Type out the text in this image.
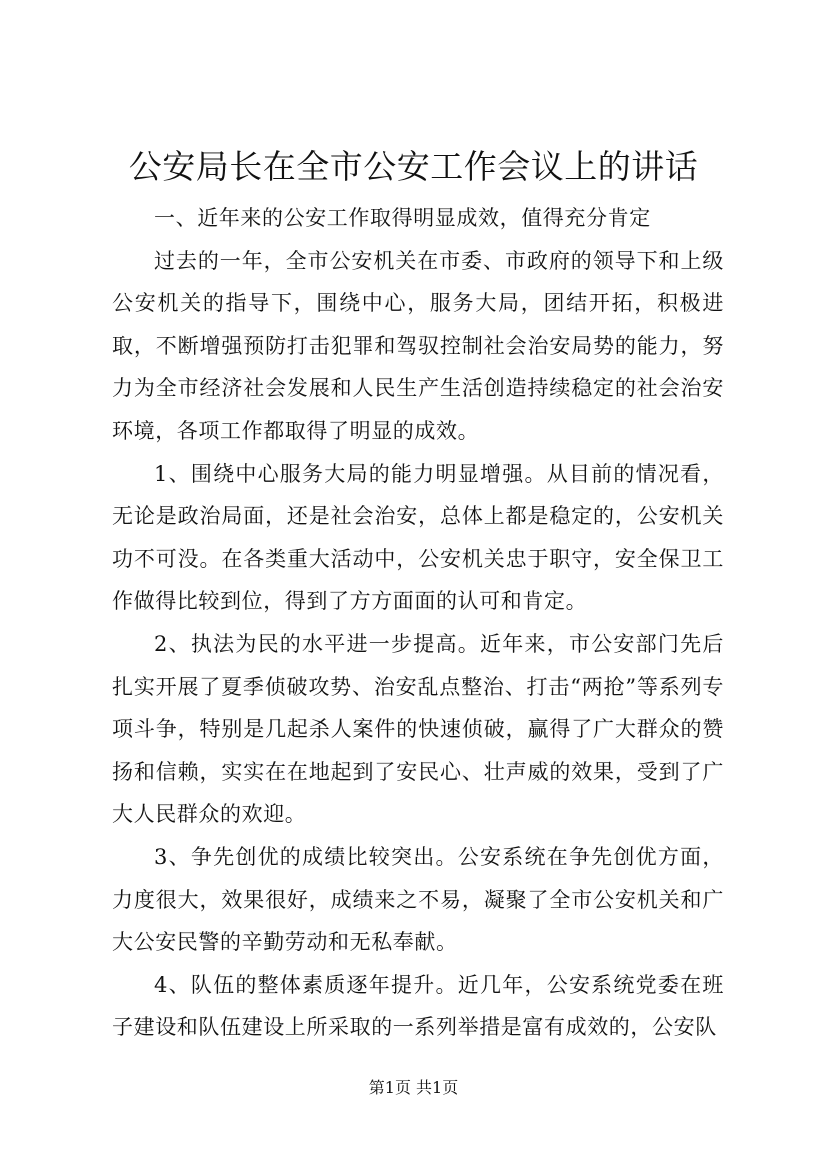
公安局长在全市公安工作会议上的讲话

一、近年来的公安工作取得明显成效，值得充分肯定

过去的一年，全市公安机关在市委、市政府的领导下和上级公安机关的指导下，围绕中心，服务大局，团结开拓，积极进取，不断增强预防打击犯罪和驾驭控制社会治安局势的能力，努力为全市经济社会发展和人民生产生活创造持续稳定的社会治安环境，各项工作都取得了明显的成效。

1、围绕中心服务大局的能力明显增强。从目前的情况看，无论是政治局面，还是社会治安，总体上都是稳定的，公安机关功不可没。在各类重大活动中，公安机关忠于职守，安全保卫工作做得比较到位，得到了方方面面的认可和肯定。

2、执法为民的水平进一步提高。近年来，市公安部门先后扎实开展了夏季侦破攻势、治安乱点整治、打击“两抢”等系列专项斗争，特别是几起杀人案件的快速侦破，赢得了广大群众的赞扬和信赖，实实在在地起到了安民心、壮声威的效果，受到了广大人民群众的欢迎。

3、争先创优的成绩比较突出。公安系统在争先创优方面，力度很大，效果很好，成绩来之不易，凝聚了全市公安机关和广大公安民警的辛勤劳动和无私奉献。

4、队伍的整体素质逐年提升。近几年，公安系统党委在班子建设和队伍建设上所采取的一系列举措是富有成效的，公安队

第1页 共1页
